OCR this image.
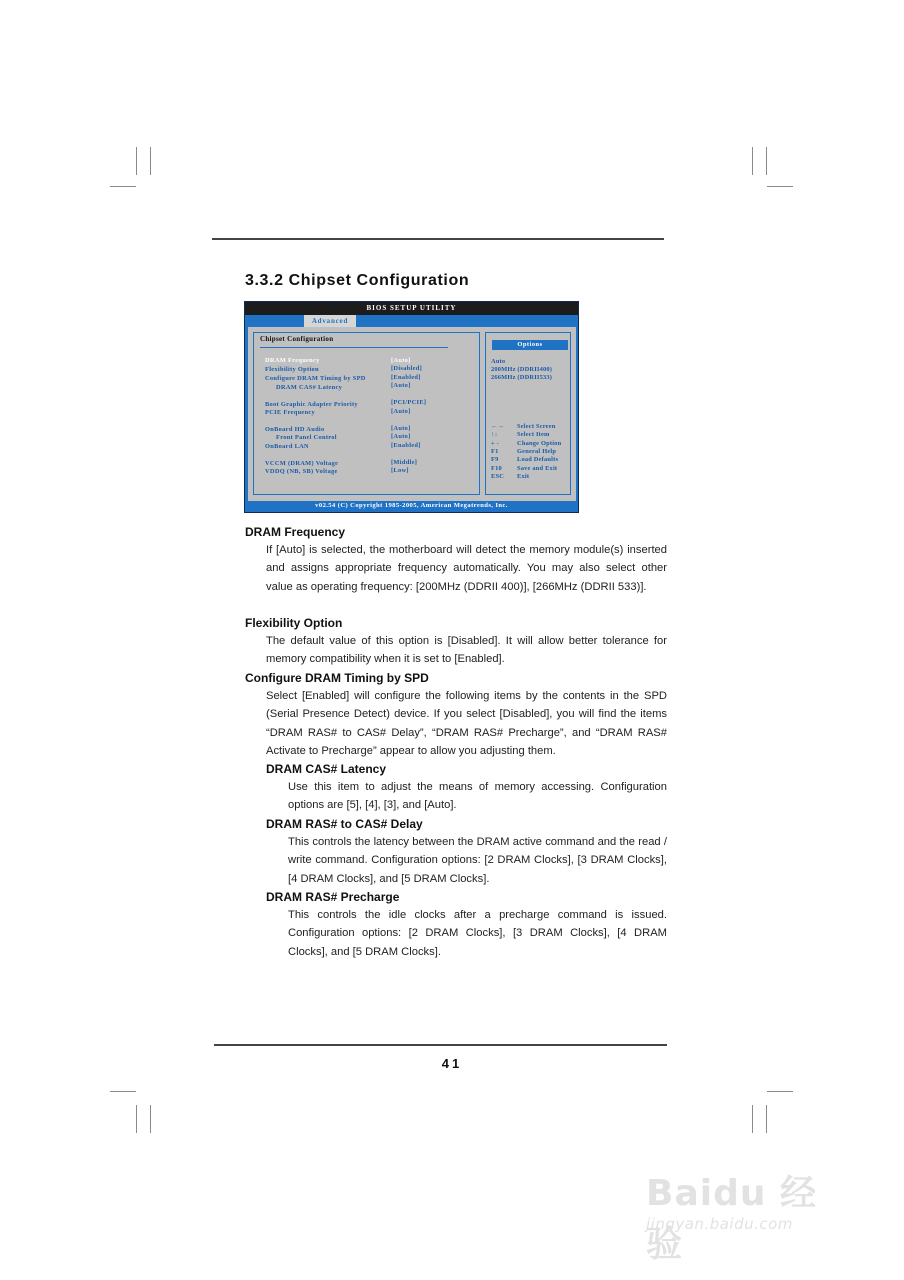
3.3.2 Chipset Configuration
BIOS SETUP UTILITY
Advanced
Options
Auto
200MHz (DDRII400)
266MHz (DDRII533)
←→ Select Screen
↑↓	Select Item
+ -	Change Option
F1	General Help
F9	Load Defaults
F10 Save and Exit
ESC Exit
Chipset Configuration
DRAM Frequency	[Auto]
Flexibility Option	[Disabled]
Configure DRAM Timing by SPD	[Enabled]
DRAM CAS# Latency	[Auto]
Boot Graphic Adapter Priority	[PCI/PCIE]
PCIE Frequency	[Auto]
OnBoard HD Audio	[Auto]
Front Panel Control	[Auto]
OnBoard LAN	[Enabled]
VCCM (DRAM) Voltage	[Middle]
VDDQ (NB, SB) Voltage	[Low]
v02.54 (C) Copyright 1985-2005, American Megatrends, Inc.
DRAM Frequency

If [Auto] is selected, the motherboard will detect the memory module(s) inserted and assigns appropriate frequency automatically. You may also select other value as operating frequency: [200MHz (DDRII 400)], [266MHz (DDRII 533)].

Flexibility Option

The default value of this option is [Disabled]. It will allow better tolerance for memory compatibility when it is set to [Enabled].

Configure DRAM Timing by SPD

Select [Enabled] will configure the following items by the contents in the SPD (Serial Presence Detect) device. If you select [Disabled], you will find the items “DRAM RAS# to CAS# Delay”, “DRAM RAS# Precharge”, and “DRAM RAS# Activate to Precharge” appear to allow you adjusting them.

DRAM CAS# Latency

Use this item to adjust the means of memory accessing. Configuration options are [5], [4], [3], and [Auto].

DRAM RAS# to CAS# Delay

This controls the latency between the DRAM active command and the read / write command. Configuration options: [2 DRAM Clocks], [3 DRAM Clocks], [4 DRAM Clocks], and [5 DRAM Clocks].

DRAM RAS# Precharge

This controls the idle clocks after a precharge command is issued. Configuration options: [2 DRAM Clocks], [3 DRAM Clocks], [4 DRAM Clocks], and [5 DRAM Clocks].

41
Baidu 经验
jingyan.baidu.com
